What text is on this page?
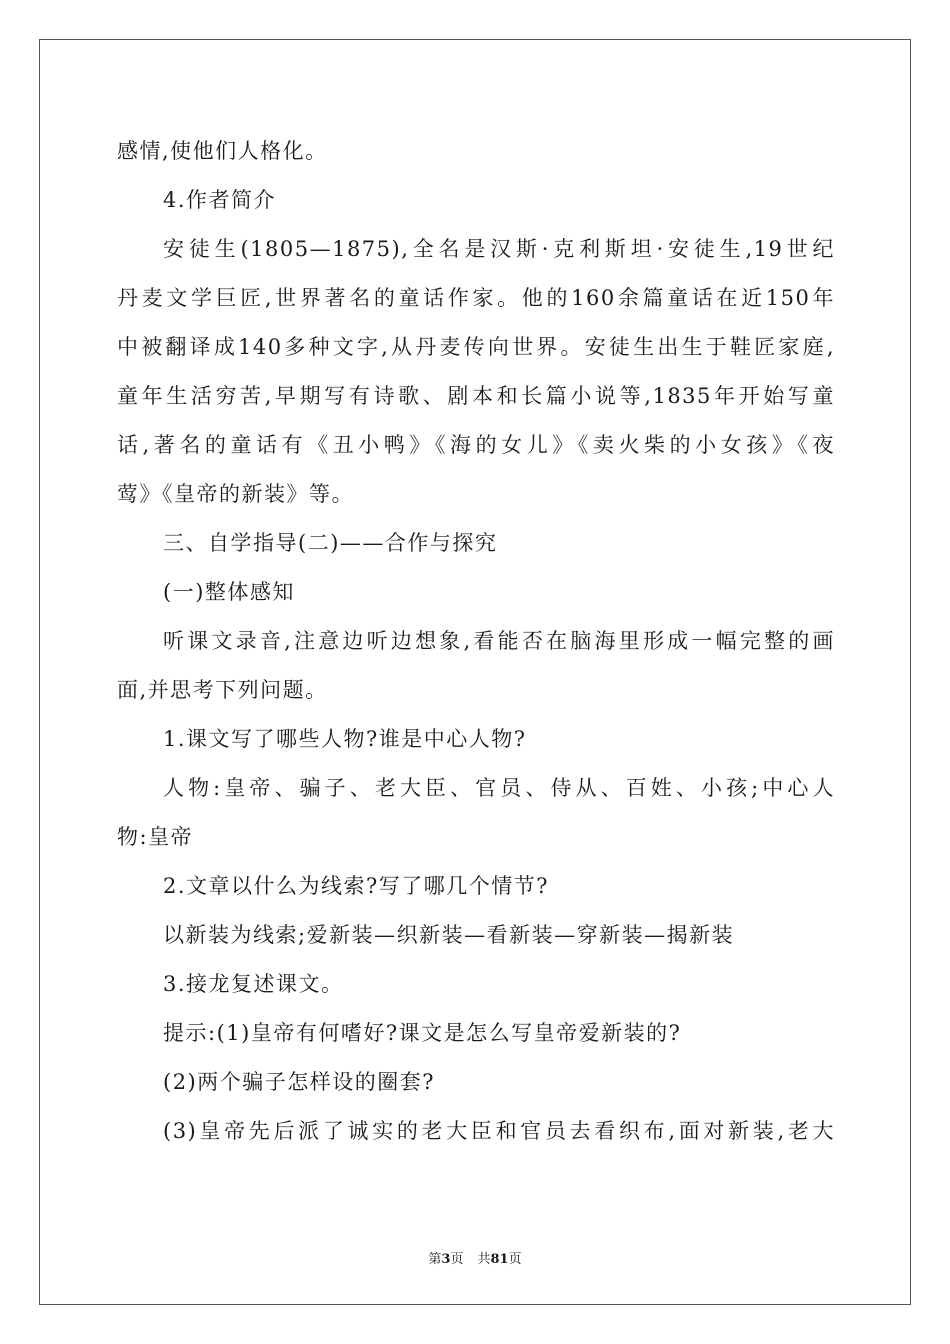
感情,使他们人格化。
4.作者简介
安徒生(1805—1875),全名是汉斯·克利斯坦·安徒生,19世纪
丹麦文学巨匠,世界著名的童话作家。他的160余篇童话在近150年
中被翻译成140多种文字,从丹麦传向世界。安徒生出生于鞋匠家庭,
童年生活穷苦,早期写有诗歌、剧本和长篇小说等,1835年开始写童
话,著名的童话有《丑小鸭》《海的女儿》《卖火柴的小女孩》《夜
莺》《皇帝的新装》等。
三、自学指导(二)——合作与探究
(一)整体感知
听课文录音,注意边听边想象,看能否在脑海里形成一幅完整的画
面,并思考下列问题。
1.课文写了哪些人物?谁是中心人物?
人物:皇帝、骗子、老大臣、官员、侍从、百姓、小孩;中心人
物:皇帝
2.文章以什么为线索?写了哪几个情节?
以新装为线索;爱新装—织新装—看新装—穿新装—揭新装
3.接龙复述课文。
提示:(1)皇帝有何嗜好?课文是怎么写皇帝爱新装的?
(2)两个骗子怎样设的圈套?
(3)皇帝先后派了诚实的老大臣和官员去看织布,面对新装,老大
第3页 共81页
